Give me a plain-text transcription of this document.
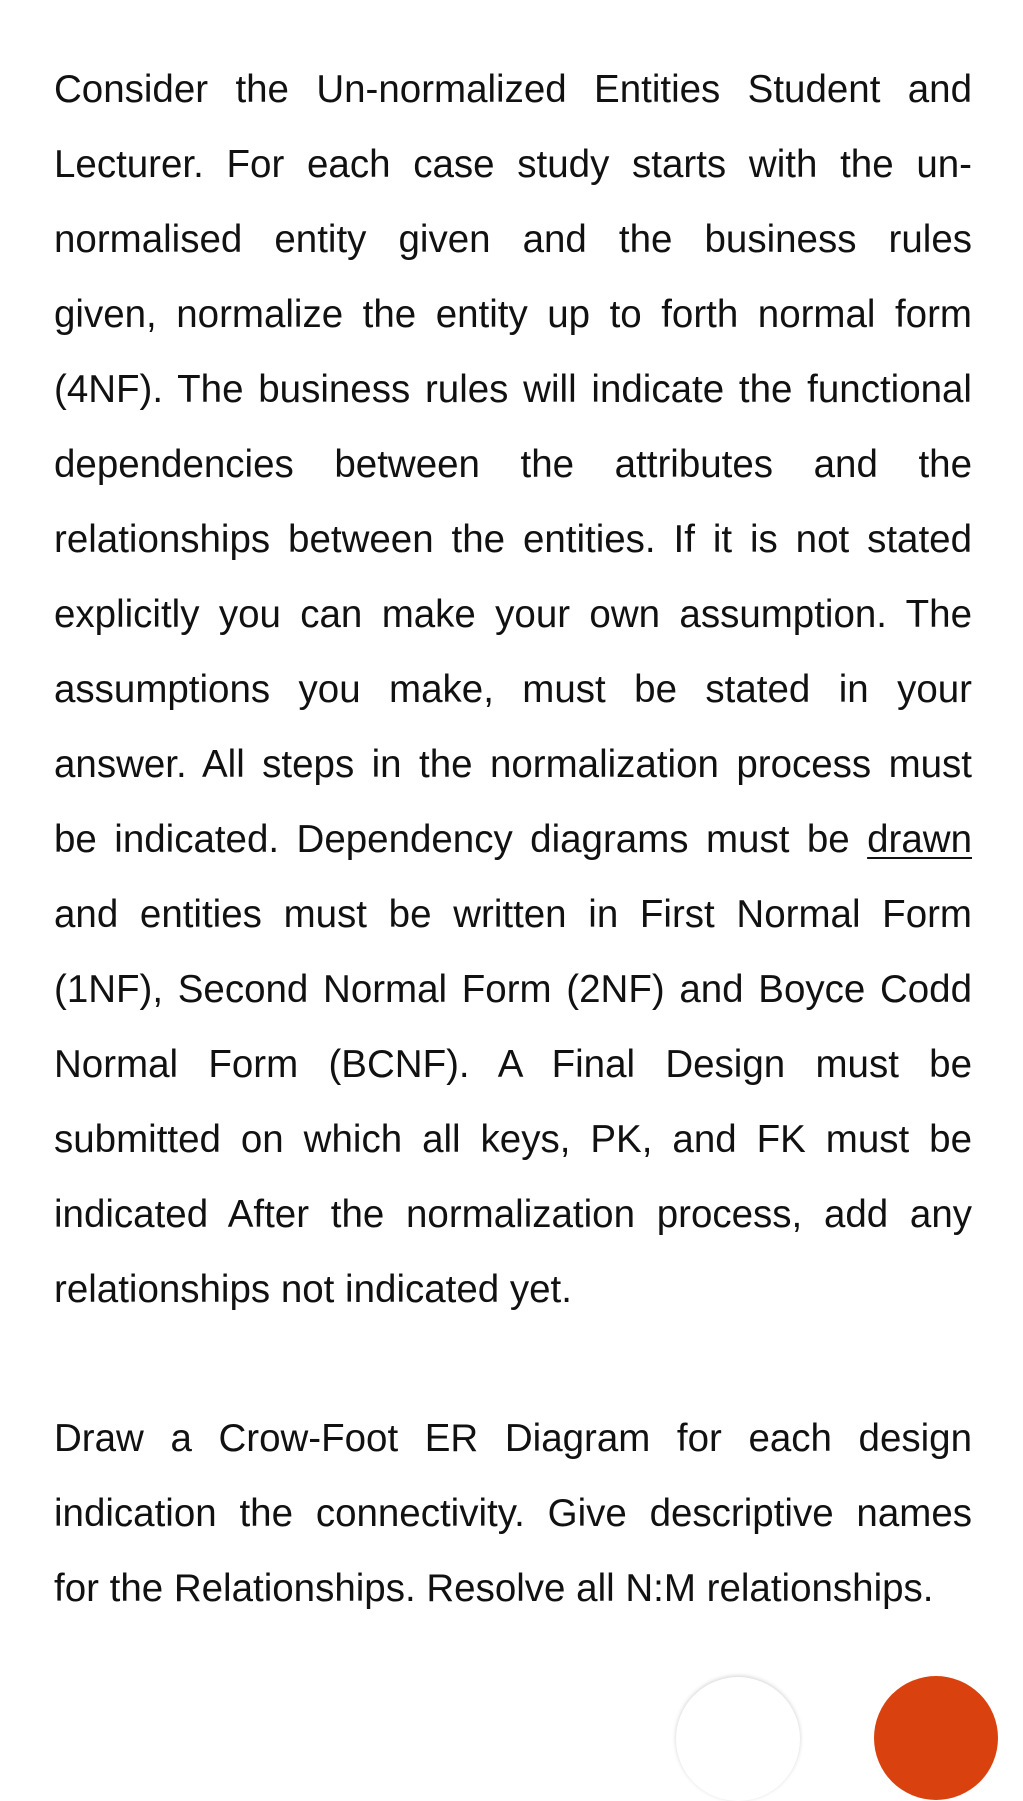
Consider the Un-normalized Entities Student and
Lecturer. For each case study starts with the un-
normalised entity given and the business rules
given, normalize the entity up to forth normal form
(4NF). The business rules will indicate the functional
dependencies between the attributes and the
relationships between the entities. If it is not stated
explicitly you can make your own assumption. The
assumptions you make, must be stated in your
answer. All steps in the normalization process must
be indicated. Dependency diagrams must be drawn
and entities must be written in First Normal Form
(1NF), Second Normal Form (2NF) and Boyce Codd
Normal Form (BCNF). A Final Design must be
submitted on which all keys, PK, and FK must be
indicated After the normalization process, add any
relationships not indicated yet.
Draw a Crow-Foot ER Diagram for each design
indication the connectivity. Give descriptive names
for the Relationships. Resolve all N:M relationships.
